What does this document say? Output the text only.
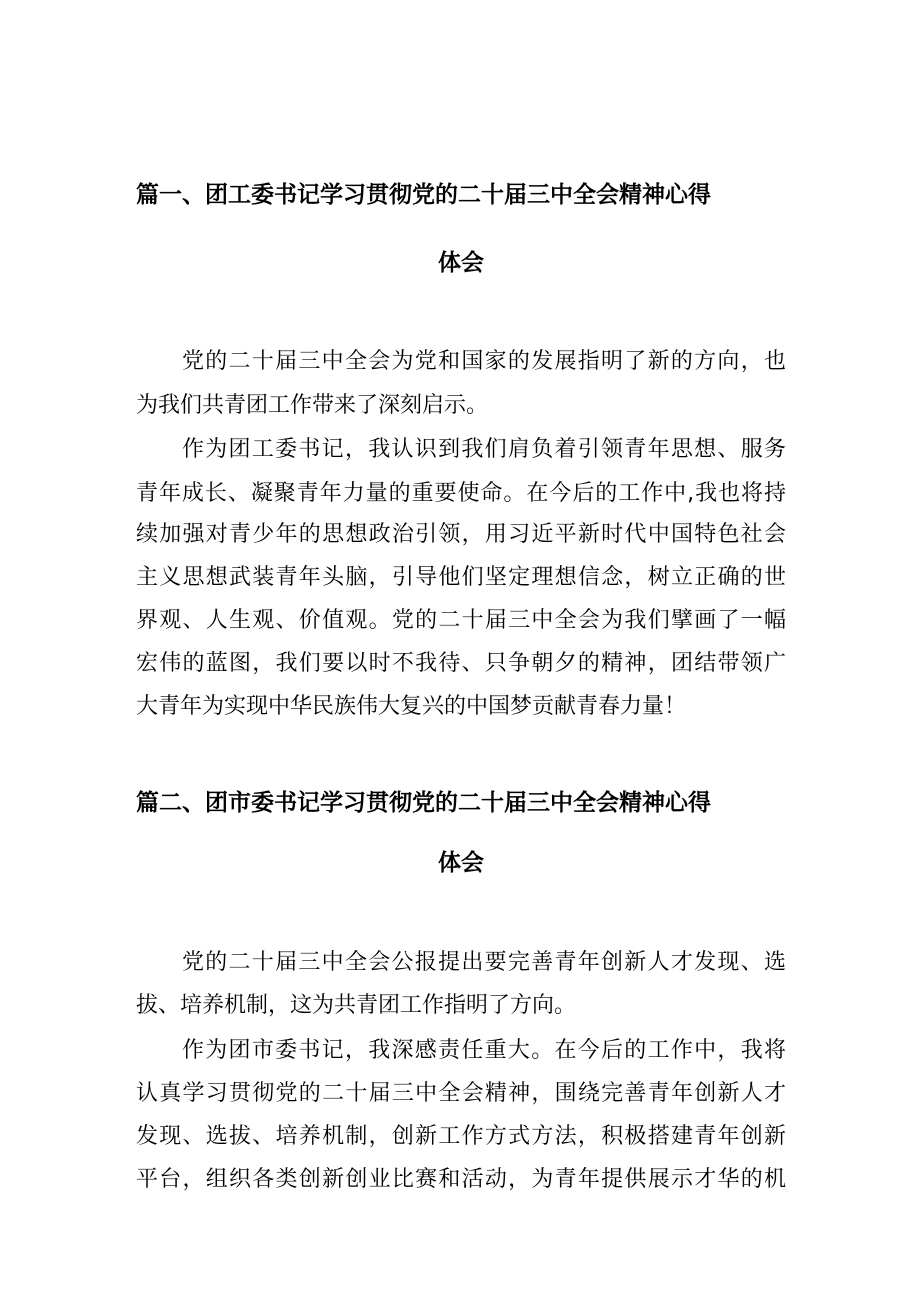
篇一、团工委书记学习贯彻党的二十届三中全会精神心得
体会
党的二十届三中全会为党和国家的发展指明了新的方向，也
为我们共青团工作带来了深刻启示。
作为团工委书记，我认识到我们肩负着引领青年思想、服务
青年成长、凝聚青年力量的重要使命。在今后的工作中,我也将持
续加强对青少年的思想政治引领，用习近平新时代中国特色社会
主义思想武装青年头脑，引导他们坚定理想信念，树立正确的世
界观、人生观、价值观。党的二十届三中全会为我们擘画了一幅
宏伟的蓝图，我们要以时不我待、只争朝夕的精神，团结带领广
大青年为实现中华民族伟大复兴的中国梦贡献青春力量！
篇二、团市委书记学习贯彻党的二十届三中全会精神心得
体会
党的二十届三中全会公报提出要完善青年创新人才发现、选
拔、培养机制，这为共青团工作指明了方向。
作为团市委书记，我深感责任重大。在今后的工作中，我将
认真学习贯彻党的二十届三中全会精神，围绕完善青年创新人才
发现、选拔、培养机制，创新工作方式方法，积极搭建青年创新
平台，组织各类创新创业比赛和活动，为青年提供展示才华的机
